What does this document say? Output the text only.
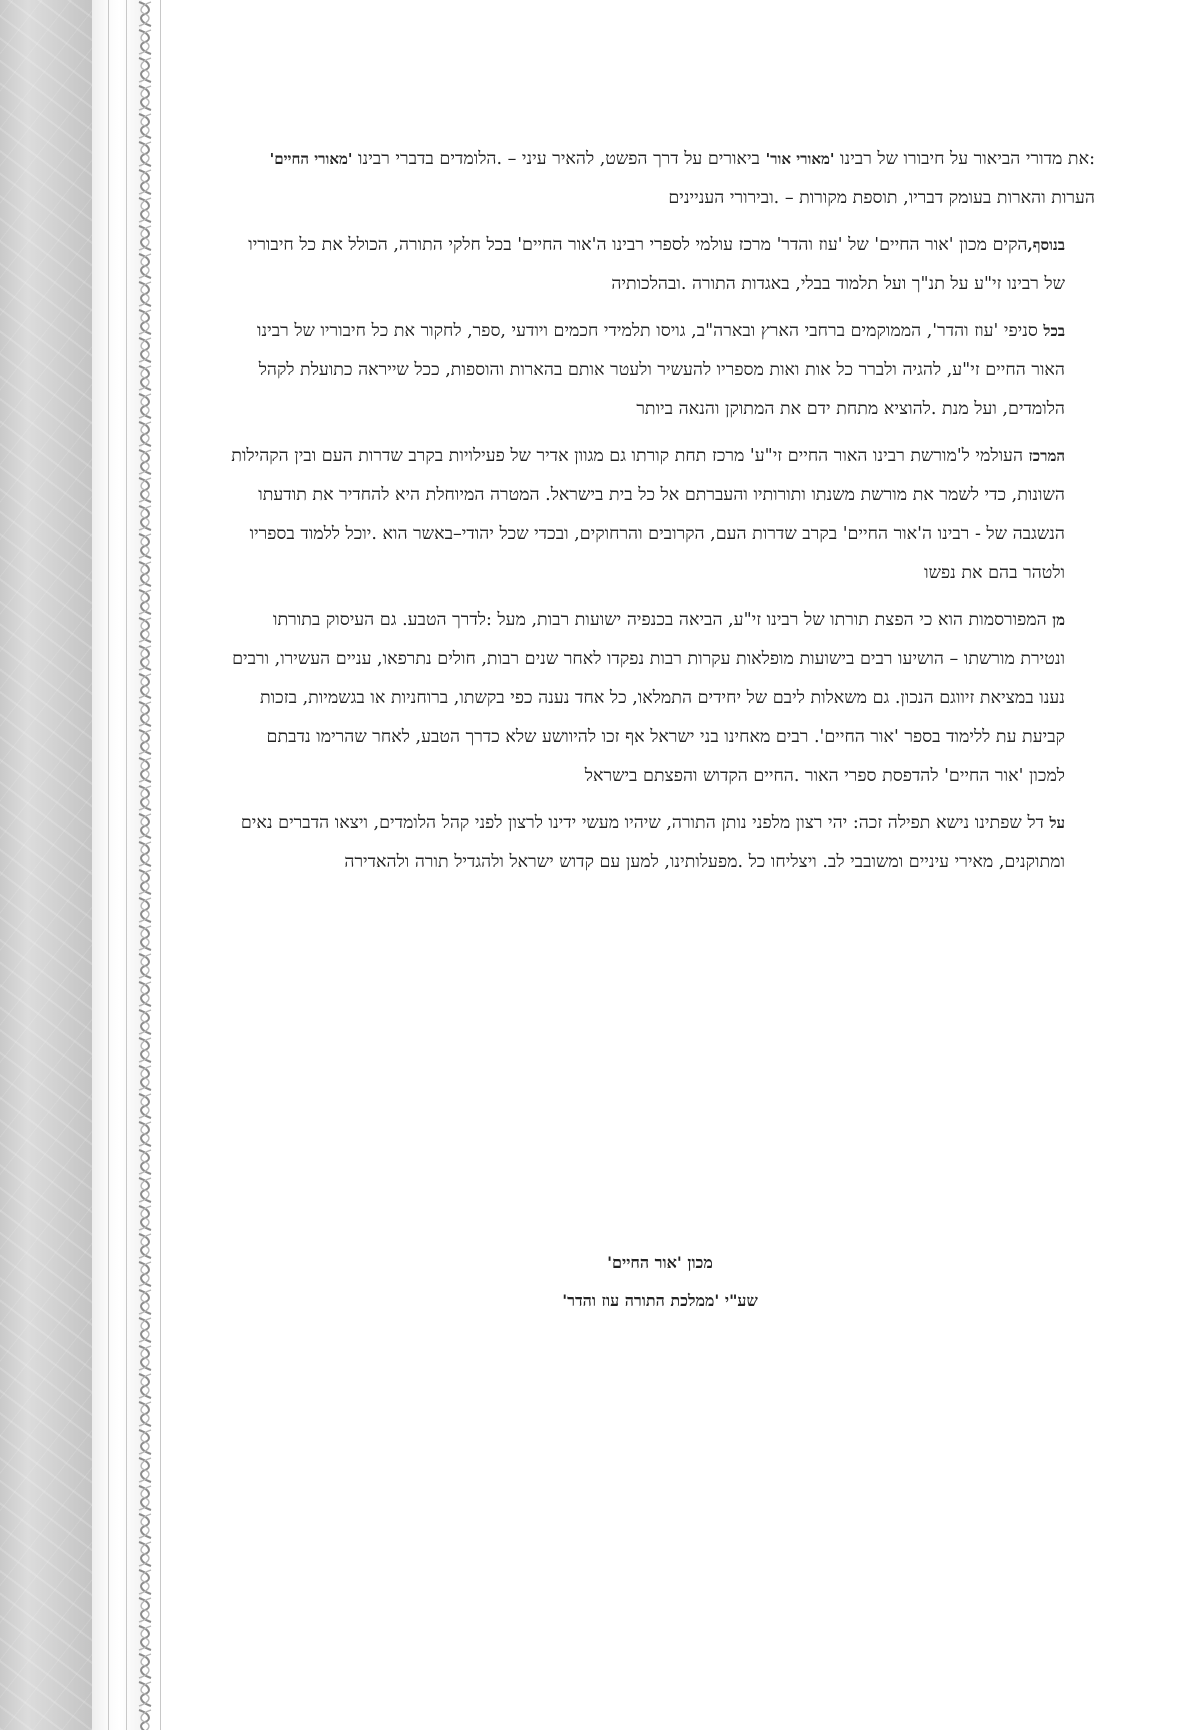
:את מדורי הביאור על חיבורו של רבינו 'מאורי אור' ביאורים על דרך הפשט, להאיר עיני – .הלומדים בדברי רבינו 'מאורי החיים' הערות והארות בעומק דבריו, תוספת מקורות – .ובירורי העניינים

בנוסף,הקים מכון 'אור החיים' של 'עוז והדר' מרכז עולמי לספרי רבינו ה'אור החיים' בכל חלקי התורה, הכולל את כל חיבוריו של רבינו זי"ע על תנ"ך ועל תלמוד בבלי, באגדות התורה .ובהלכותיה

בכל סניפי 'עוז והדר', הממוקמים ברחבי הארץ ובארה"ב, גויסו תלמידי חכמים ויודעי ,ספר, לחקור את כל חיבוריו של רבינו האור החיים זי"ע, להגיה ולברר כל אות ואות מספריו להעשיר ולעטר אותם בהארות והוספות, ככל שייראה כתועלת לקהל הלומדים, ועל מנת .להוציא מתחת ידם את המתוקן והנאה ביותר

המרכז העולמי ל'מורשת רבינו האור החיים זי"ע' מרכז תחת קורתו גם מגוון אדיר של פעילויות בקרב שדרות העם ובין הקהילות השונות, כדי לשמר את מורשת משנתו ותורותיו והעברתם אל כל בית בישראל. המטרה המיוחלת היא להחדיר את תודעתו הנשגבה של - רבינו ה'אור החיים' בקרב שדרות העם, הקרובים והרחוקים, ובכדי שכל יהודי–באשר הוא .יוכל ללמוד בספריו ולטהר בהם את נפשו

מן המפורסמות הוא כי הפצת תורתו של רבינו זי"ע, הביאה בכנפיה ישועות רבות, מעל :לדרך הטבע. גם העיסוק בתורתו ונטירת מורשתו – הושיעו רבים בישועות מופלאות עקרות רבות נפקדו לאחר שנים רבות, חולים נתרפאו, עניים העשירו, ורבים נענו במציאת זיווגם הנכון. גם משאלות ליבם של יחידים התמלאו, כל אחד נענה כפי בקשתו, ברוחניות או בגשמיות, בזכות קביעת עת ללימוד בספר 'אור החיים'. רבים מאחינו בני ישראל אף זכו להיוושע שלא כדרך הטבע, לאחר שהרימו נדבתם למכון 'אור החיים' להדפסת ספרי האור .החיים הקדוש והפצתם בישראל

על דל שפתינו נישא תפילה זכה: יהי רצון מלפני נותן התורה, שיהיו מעשי ידינו לרצון לפני קהל הלומדים, ויצאו הדברים נאים ומתוקנים, מאירי עיניים ומשובבי לב. ויצליחו כל .מפעלותינו, למען עם קדוש ישראל ולהגדיל תורה ולהאדירה

מכון 'אור החיים'
שע"י 'ממלכת התורה עוז והדר'
